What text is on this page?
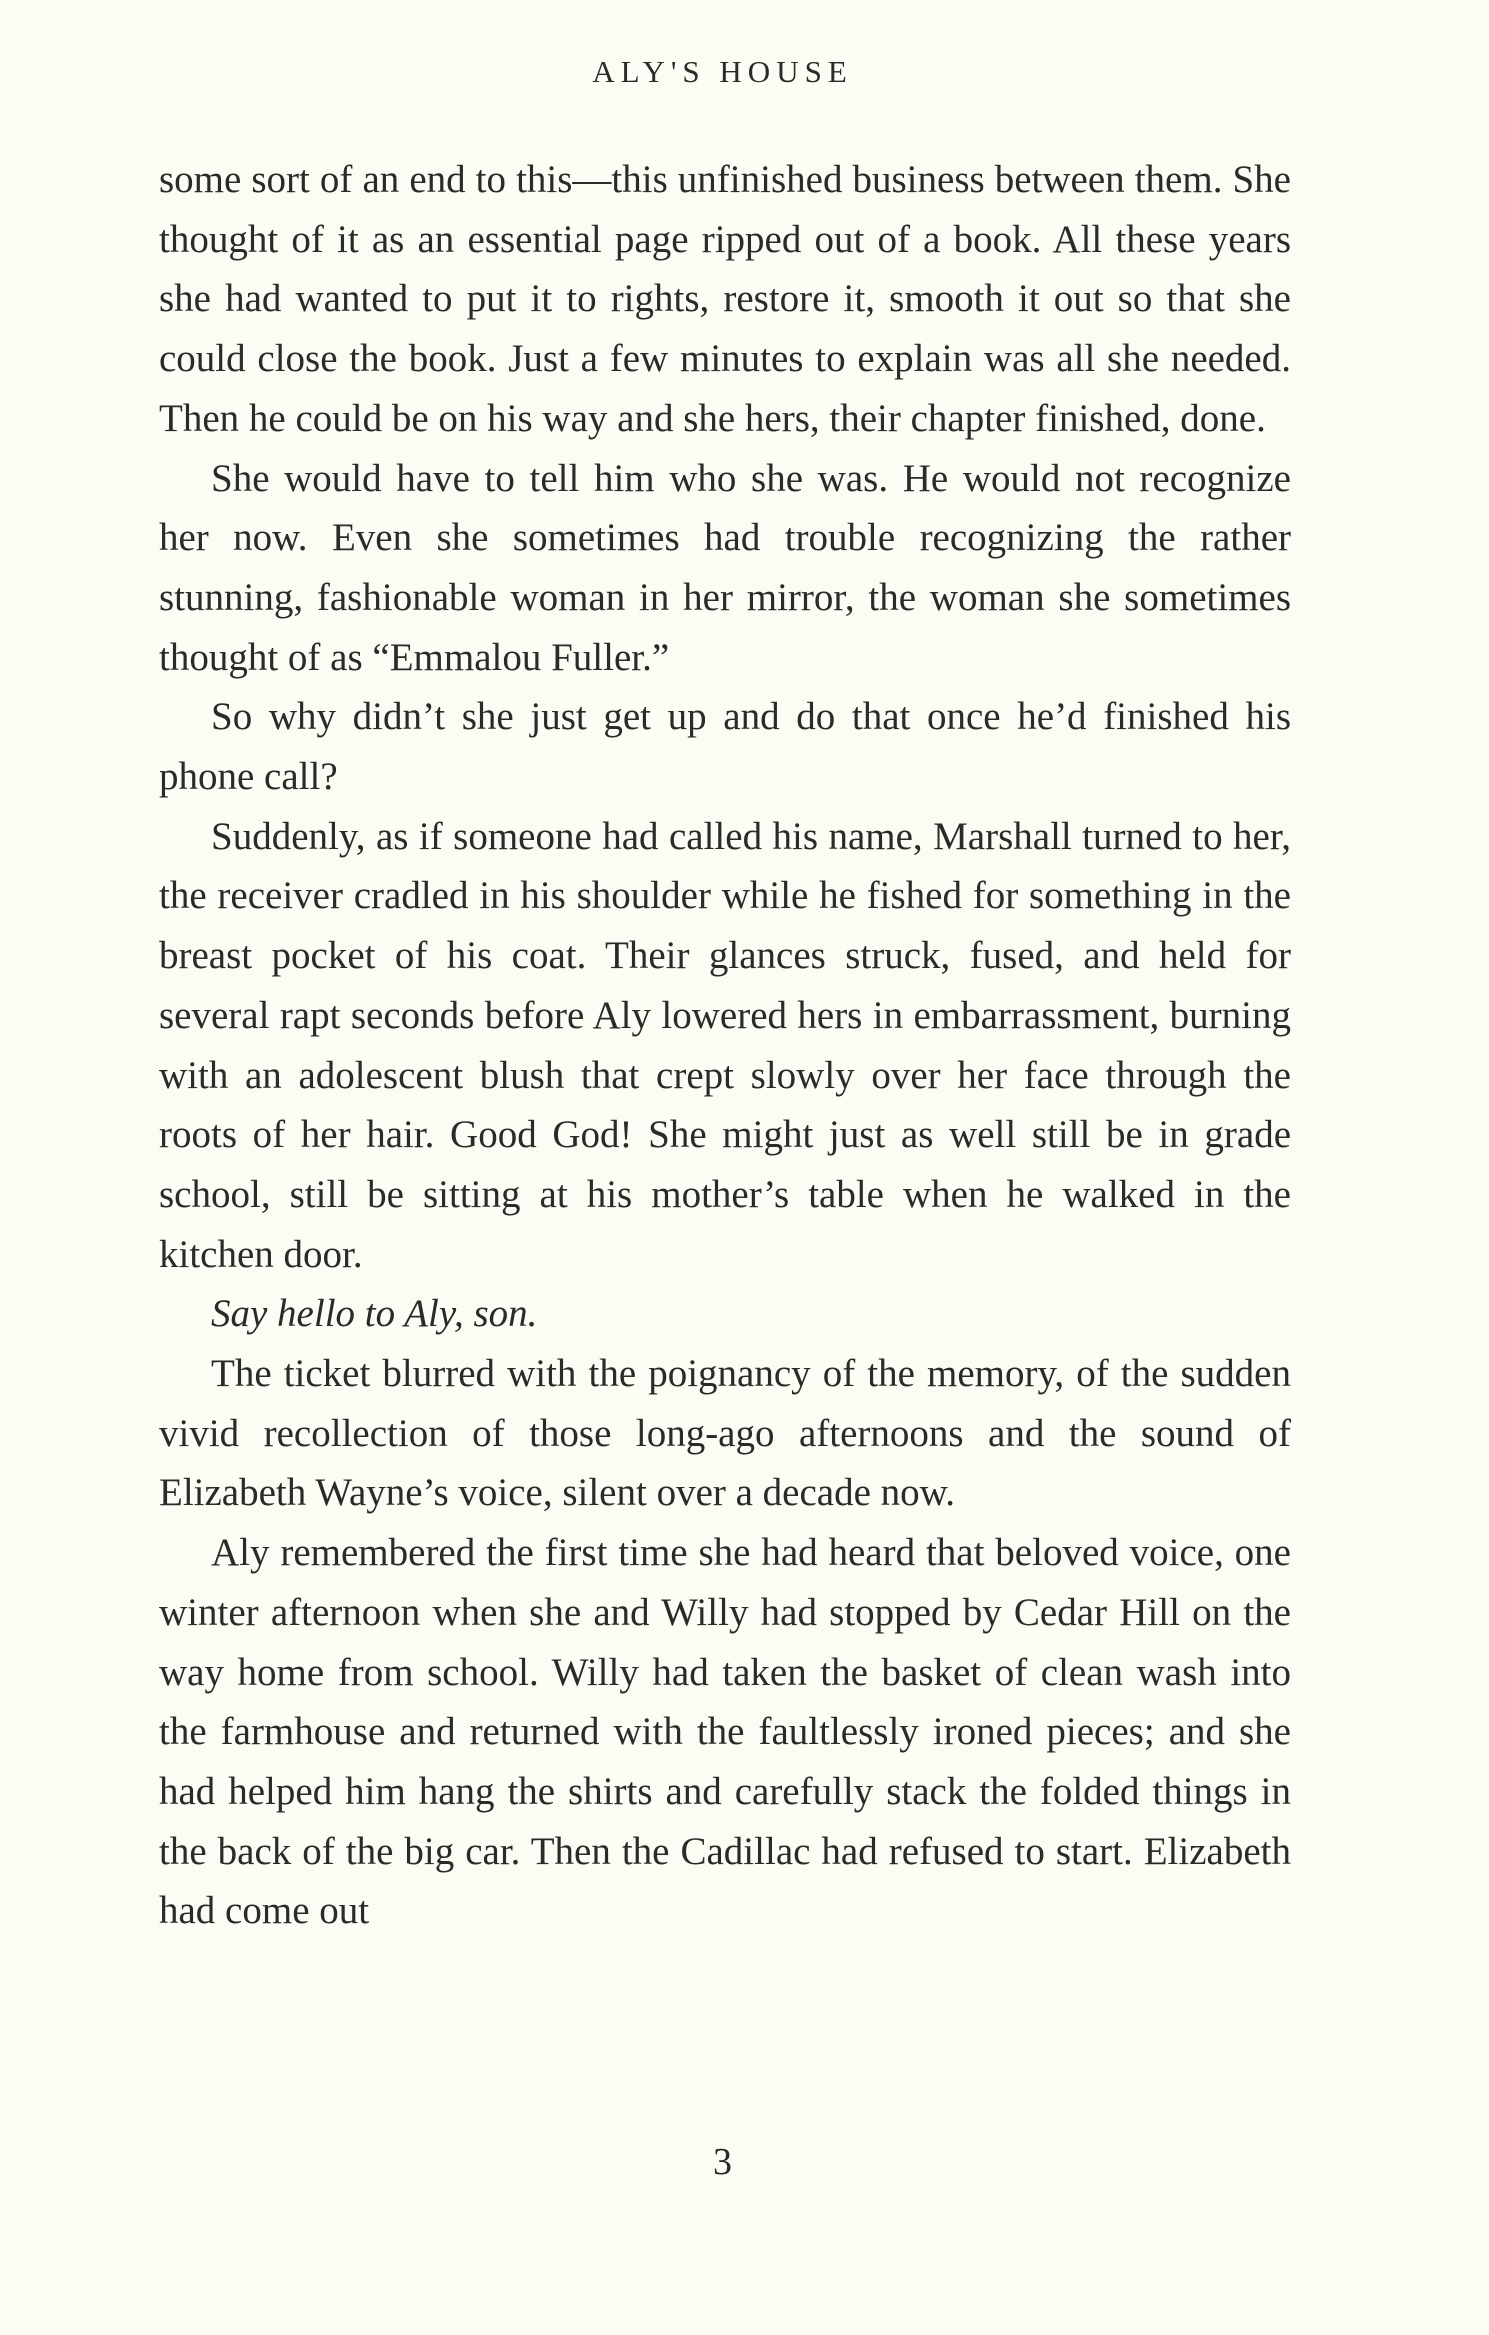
ALY'S HOUSE

some sort of an end to this—this unfinished business between them. She thought of it as an essential page ripped out of a book. All these years she had wanted to put it to rights, restore it, smooth it out so that she could close the book. Just a few minutes to explain was all she needed. Then he could be on his way and she hers, their chapter finished, done.

She would have to tell him who she was. He would not recognize her now. Even she sometimes had trouble recognizing the rather stunning, fashionable woman in her mirror, the woman she sometimes thought of as “Emmalou Fuller.”

So why didn’t she just get up and do that once he’d finished his phone call?

Suddenly, as if someone had called his name, Marshall turned to her, the receiver cradled in his shoulder while he fished for something in the breast pocket of his coat. Their glances struck, fused, and held for several rapt seconds before Aly lowered hers in embarrassment, burning with an adolescent blush that crept slowly over her face through the roots of her hair. Good God! She might just as well still be in grade school, still be sitting at his mother’s table when he walked in the kitchen door.

Say hello to Aly, son.

The ticket blurred with the poignancy of the memory, of the sudden vivid recollection of those long-ago afternoons and the sound of Elizabeth Wayne’s voice, silent over a decade now.

Aly remembered the first time she had heard that beloved voice, one winter afternoon when she and Willy had stopped by Cedar Hill on the way home from school. Willy had taken the basket of clean wash into the farmhouse and returned with the faultlessly ironed pieces; and she had helped him hang the shirts and carefully stack the folded things in the back of the big car. Then the Cadillac had refused to start. Elizabeth had come out

3
